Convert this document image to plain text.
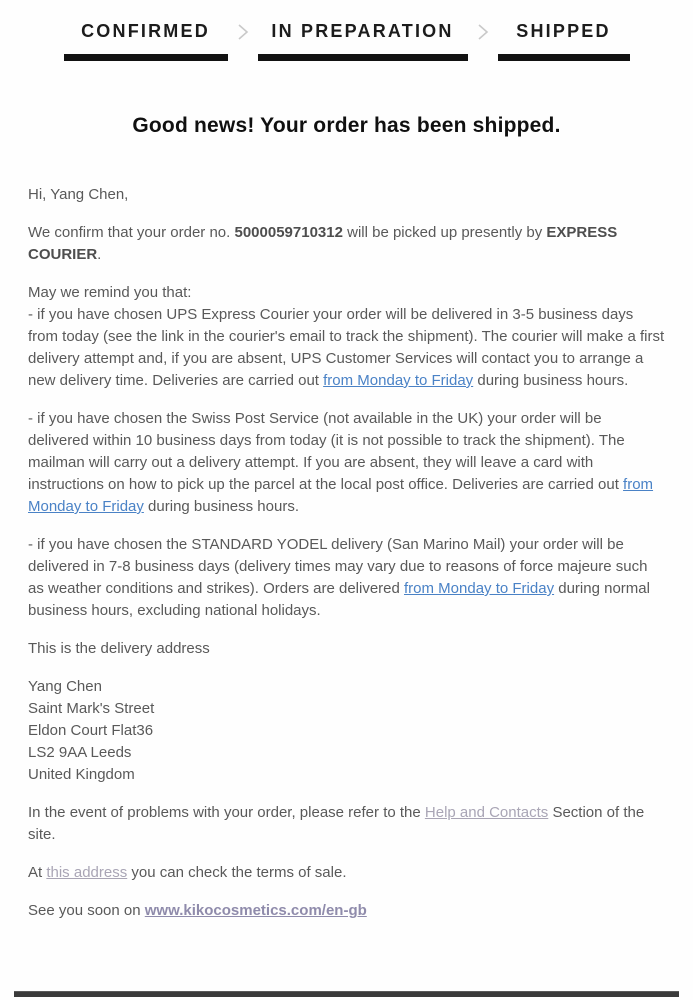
CONFIRMED	IN PREPARATION	SHIPPED
Good news! Your order has been shipped.

Hi, Yang Chen,

We confirm that your order no. 5000059710312 will be picked up presently by EXPRESS COURIER.

May we remind you that:

- if you have chosen UPS Express Courier your order will be delivered in 3-5 business days from today (see the link in the courier's email to track the shipment). The courier will make a first delivery attempt and, if you are absent, UPS Customer Services will contact you to arrange a new delivery time. Deliveries are carried out from Monday to Friday during business hours.

- if you have chosen the Swiss Post Service (not available in the UK) your order will be delivered within 10 business days from today (it is not possible to track the shipment). The mailman will carry out a delivery attempt. If you are absent, they will leave a card with instructions on how to pick up the parcel at the local post office. Deliveries are carried out from Monday to Friday during business hours.

- if you have chosen the STANDARD YODEL delivery (San Marino Mail) your order will be delivered in 7-8 business days (delivery times may vary due to reasons of force majeure such as weather conditions and strikes). Orders are delivered from Monday to Friday during normal business hours, excluding national holidays.

This is the delivery address

Yang Chen
Saint Mark's Street
Eldon Court Flat36
LS2 9AA Leeds
United Kingdom

In the event of problems with your order, please refer to the Help and Contacts Section of the site.

At this address you can check the terms of sale.

See you soon on www.kikocosmetics.com/en-gb
